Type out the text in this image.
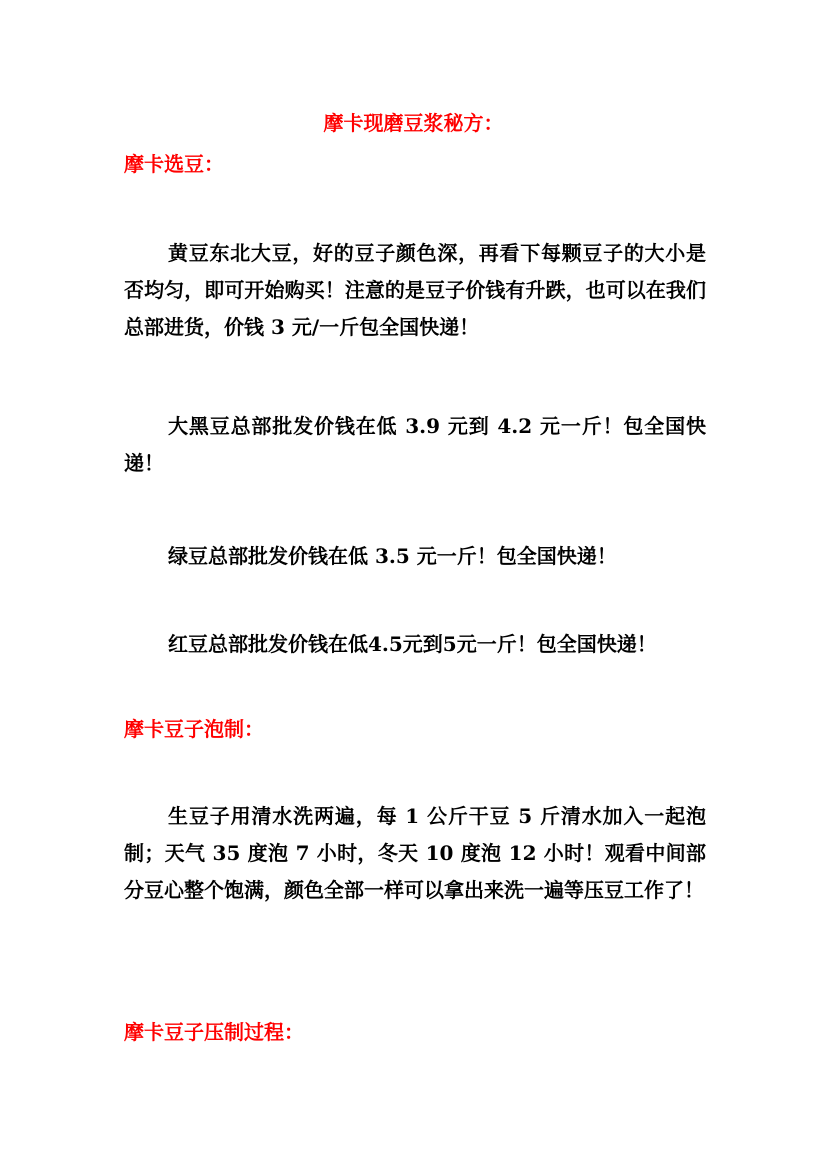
摩卡现磨豆浆秘方：
摩卡选豆：
黄豆东北大豆，好的豆子颜色深，再看下每颗豆子的大小是否均匀，即可开始购买！注意的是豆子价钱有升跌，也可以在我们总部进货，价钱 3 元/一斤包全国快递！
大黑豆总部批发价钱在低 3.9 元到 4.2 元一斤！包全国快递！
绿豆总部批发价钱在低 3.5 元一斤！包全国快递！
红豆总部批发价钱在低4.5元到5元一斤！包全国快递！
摩卡豆子泡制：
生豆子用清水洗两遍，每 1 公斤干豆 5 斤清水加入一起泡制；天气 35 度泡 7 小时，冬天 10 度泡 12 小时！观看中间部分豆心整个饱满，颜色全部一样可以拿出来洗一遍等压豆工作了！
摩卡豆子压制过程：
